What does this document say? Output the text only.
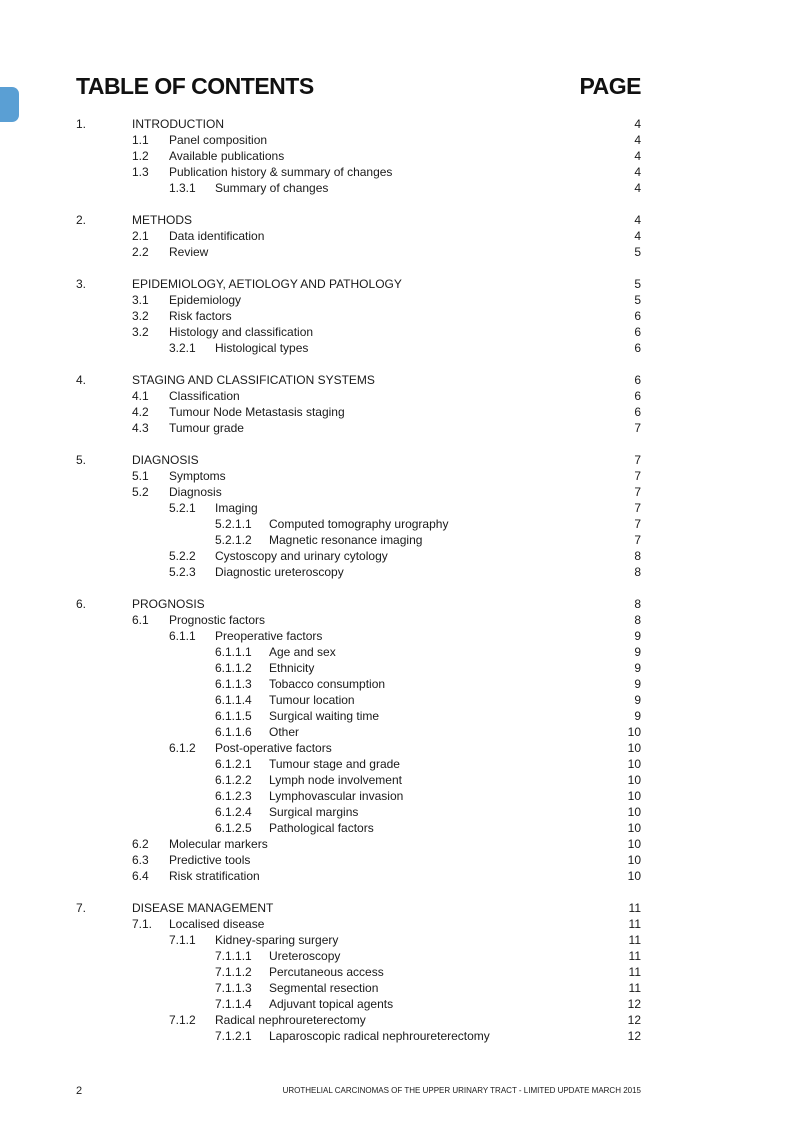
TABLE OF CONTENTS	PAGE
1.	INTRODUCTION	4
1.1 Panel composition	4
1.2 Available publications	4
1.3 Publication history & summary of changes	4
1.3.1 Summary of changes	4
2.	METHODS	4
2.1 Data identification	4
2.2 Review	5
3.	EPIDEMIOLOGY, AETIOLOGY AND PATHOLOGY	5
3.1 Epidemiology	5
3.2 Risk factors	6
3.2 Histology and classification	6
3.2.1 Histological types	6
4.	STAGING AND CLASSIFICATION SYSTEMS	6
4.1 Classification	6
4.2 Tumour Node Metastasis staging	6
4.3 Tumour grade	7
5.	DIAGNOSIS	7
5.1 Symptoms	7
5.2 Diagnosis	7
5.2.1 Imaging	7
5.2.1.1 Computed tomography urography	7
5.2.1.2 Magnetic resonance imaging	7
5.2.2 Cystoscopy and urinary cytology	8
5.2.3 Diagnostic ureteroscopy	8
6.	PROGNOSIS	8
6.1 Prognostic factors	8
6.1.1 Preoperative factors	9
6.1.1.1 Age and sex	9
6.1.1.2 Ethnicity	9
6.1.1.3 Tobacco consumption	9
6.1.1.4 Tumour location	9
6.1.1.5 Surgical waiting time	9
6.1.1.6 Other	10
6.1.2 Post-operative factors	10
6.1.2.1 Tumour stage and grade	10
6.1.2.2 Lymph node involvement	10
6.1.2.3 Lymphovascular invasion	10
6.1.2.4 Surgical margins	10
6.1.2.5 Pathological factors	10
6.2 Molecular markers	10
6.3 Predictive tools	10
6.4 Risk stratification	10
7.	DISEASE MANAGEMENT	11
7.1. Localised disease	11
7.1.1 Kidney-sparing surgery	11
7.1.1.1 Ureteroscopy	11
7.1.1.2 Percutaneous access	11
7.1.1.3 Segmental resection	11
7.1.1.4 Adjuvant topical agents	12
7.1.2 Radical nephroureterectomy	12
7.1.2.1 Laparoscopic radical nephroureterectomy	12
2	UROTHELIAL CARCINOMAS OF THE UPPER URINARY TRACT - LIMITED UPDATE MARCH 2015
